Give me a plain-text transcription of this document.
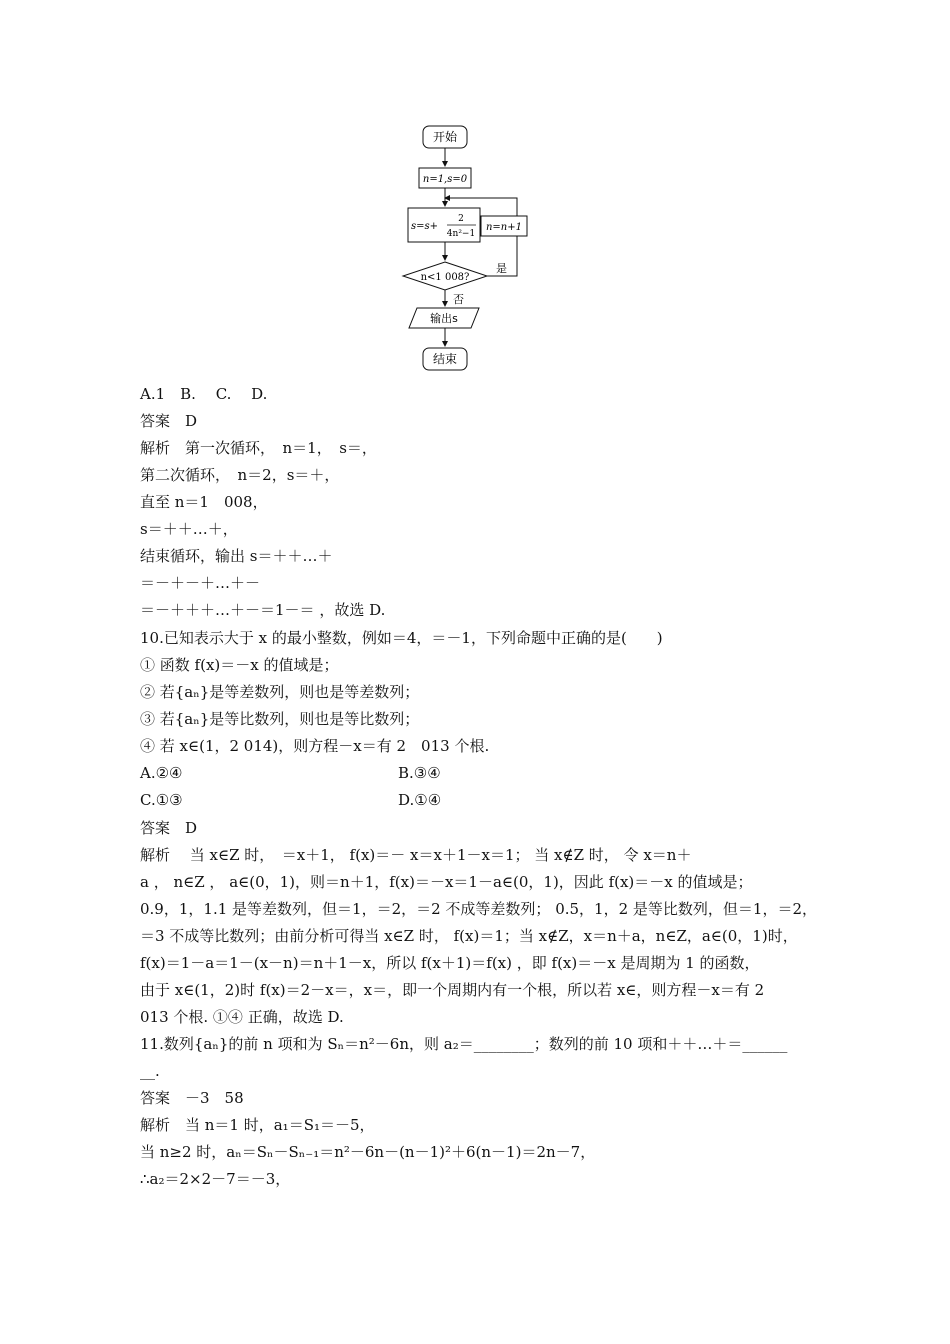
开始
n=1,s=0
s=s+
2
4n²−1
n<1 008?
n=n+1
是
否
输出s
结束
A.1　B.　 C.　 D.
答案　D
解析　第一次循环，　n＝1，　s＝，
第二次循环，　n＝2，s＝＋，
直至 n＝1　008，
s＝＋＋…＋，
结束循环，输出 s＝＋＋…＋
＝－＋－＋…＋－
＝－＋＋＋…＋－＝1－＝ ，故选 D.
10.已知表示大于 x 的最小整数，例如＝4，＝－1，下列命题中正确的是(　　)
① 函数 f(x)＝－x 的值域是；
② 若{aₙ}是等差数列，则也是等差数列；
③ 若{aₙ}是等比数列，则也是等比数列；
④ 若 x∈(1，2 014)，则方程－x＝有 2　013 个根.
A.②④	B.③④
C.①③	D.①④
答案　D
解析　 当 x∈Z 时，　＝x＋1， f(x)＝－ x＝x＋1－x＝1； 当 x∉Z 时， 令 x＝n＋
a ， n∈Z ， a∈(0，1)，则＝n＋1，f(x)＝－x＝1－a∈(0，1)，因此 f(x)＝－x 的值域是；
0.9，1，1.1 是等差数列，但＝1，＝2，＝2 不成等差数列； 0.5，1，2 是等比数列，但＝1，＝2，
＝3 不成等比数列；由前分析可得当 x∈Z 时， f(x)＝1；当 x∉Z，x＝n＋a，n∈Z，a∈(0，1)时，
f(x)＝1－a＝1－(x－n)＝n＋1－x，所以 f(x＋1)＝f(x) ，即 f(x)＝－x 是周期为 1 的函数，
由于 x∈(1，2)时 f(x)＝2－x＝，x＝，即一个周期内有一个根，所以若 x∈，则方程－x＝有 2
013 个根. ①④ 正确，故选 D.
11.数列{aₙ}的前 n 项和为 Sₙ＝n²－6n，则 a₂＝________；数列的前 10 项和＋＋…＋＝______
__.
答案　－3　58
解析　当 n＝1 时，a₁＝S₁＝－5，
当 n≥2 时，aₙ＝Sₙ－Sₙ₋₁＝n²－6n－(n－1)²＋6(n－1)＝2n－7，
∴a₂＝2×2－7＝－3，
